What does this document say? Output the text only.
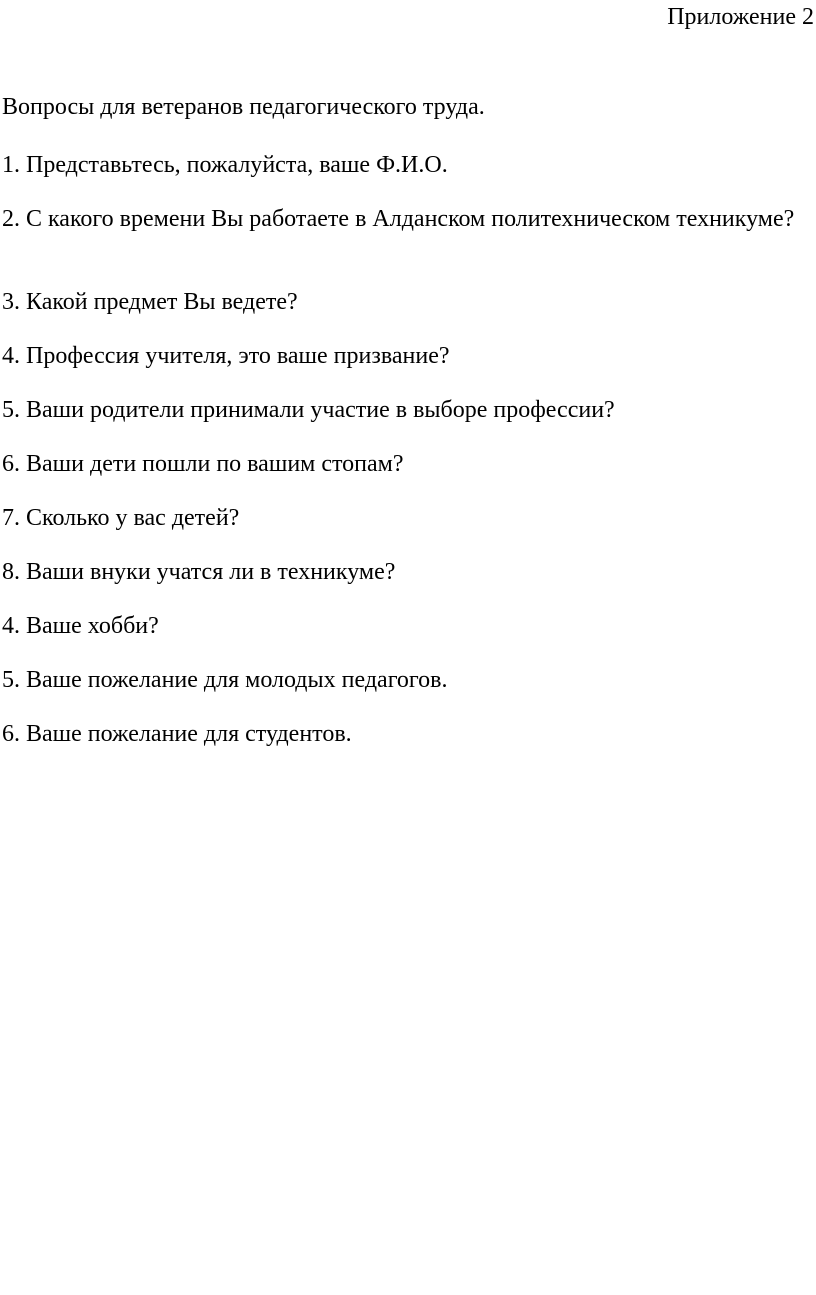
Приложение 2
Вопросы для ветеранов педагогического труда.
1. Представьтесь, пожалуйста, ваше Ф.И.О.
2. С какого времени Вы работаете в Алданском политехническом техникуме?
3. Какой предмет Вы ведете?
4. Профессия учителя, это ваше призвание?
5. Ваши родители принимали участие в выборе профессии?
6. Ваши дети пошли по вашим стопам?
7. Сколько у вас детей?
8. Ваши внуки учатся ли в техникуме?
4. Ваше хобби?
5. Ваше пожелание для молодых педагогов.
6. Ваше пожелание для студентов.
